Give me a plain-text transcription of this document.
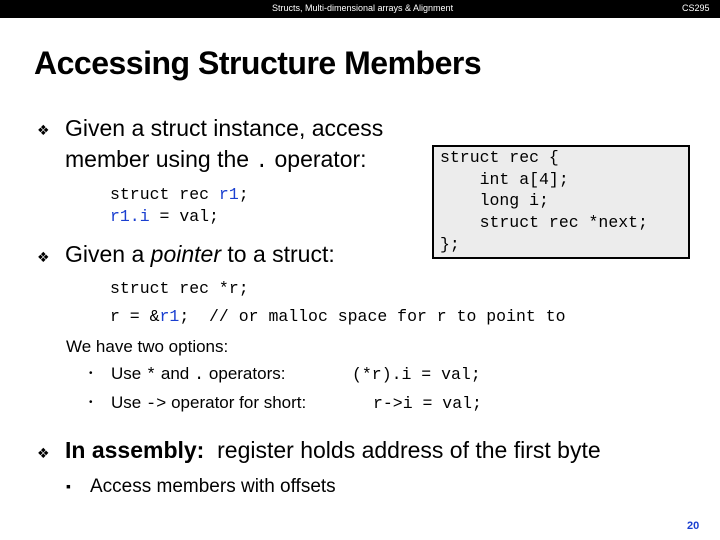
Structs, Multi-dimensional arrays & Alignment	CS295
Accessing Structure Members
struct rec {
int a[4];
long i;
struct rec *next;
};
❖ Given a struct instance, access
member using the . operator:
struct rec r1;
r1.i = val;
❖ Given a pointer to a struct:
struct rec *r;
r = &r1;  // or malloc space for r to point to
We have two options:
• Use * and . operators:	(*r).i = val;
• Use -> operator for short:	r->i = val;
❖ In assembly:  register holds address of the first byte
▪ Access members with offsets
20
